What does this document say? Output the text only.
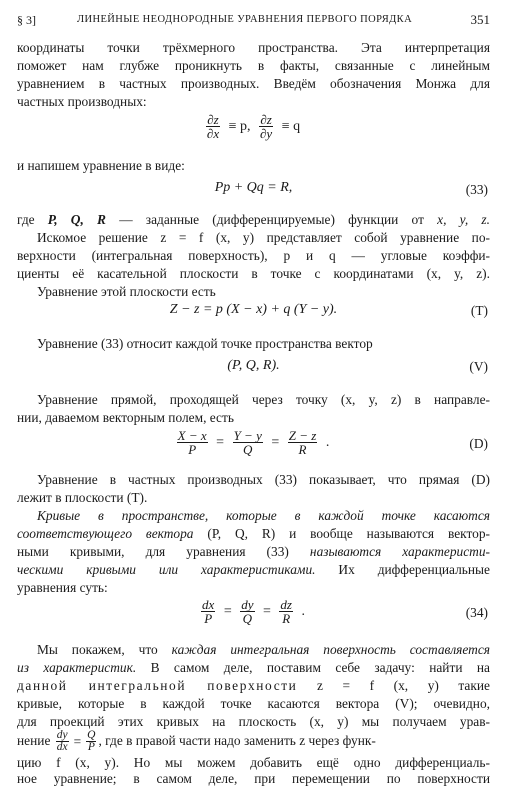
§ 3]	ЛИНЕЙНЫЕ НЕОДНОРОДНЫЕ УРАВНЕНИЯ ПЕРВОГО ПОРЯДКА	351
координаты точки трёхмерного пространства. Эта интерпретация
поможет нам глубже проникнуть в факты, связанные с линейным
уравнением в частных производных. Введём обозначения Монжа для
частных производных:
$\frac{\partial z}{\partial x} \equiv p$, $\frac{\partial z}{\partial y} \equiv q$
и напишем уравнение в виде:
Pp + Qq = R,	(33)
где P, Q, R — заданные (дифференцируемые) функции от x, y, z.
Искомое решение z = f (x, y) представляет собой уравнение по-
верхности (интегральная поверхность), p и q — угловые коэффи-
циенты её касательной плоскости в точке с координатами (x, y, z).
Уравнение этой плоскости есть
Z − z = p (X − x) + q (Y − y).	(T)
Уравнение (33) относит каждой точке пространства вектор
(P, Q, R).	(V)
Уравнение прямой, проходящей через точку (x, y, z) в направле-
нии, даваемом векторным полем, есть
$\frac{X - x}{P} = \frac{Y - y}{Q} = \frac{Z - z}{R}$ .	(D)
Уравнение в частных производных (33) показывает, что прямая (D)
лежит в плоскости (T).
Кривые в пространстве, которые в каждой точке касаются
соответствующего вектора (P, Q, R) и вообще называются вектор-
ными кривыми, для уравнения (33) называются характеристи-
ческими кривыми или характеристиками. Их дифференциальные
уравнения суть:
$\frac{dx}{P} = \frac{dy}{Q} = \frac{dz}{R}$ .	(34)
Мы покажем, что каждая интегральная поверхность составляется
из характеристик. В самом деле, поставим себе задачу: найти на
данной интегральной поверхности z = f (x, y) такие
кривые, которые в каждой точке касаются вектора (V); очевидно,
для проекций этих кривых на плоскость (x, y) мы получаем урав-
нение $\frac{dy}{dx} = \frac{Q}{P}$ , где в правой части надо заменить z через функ-
цию f (x, y). Но мы можем добавить ещё одно дифференциаль-
ное уравнение; в самом деле, при перемещении по поверхности
